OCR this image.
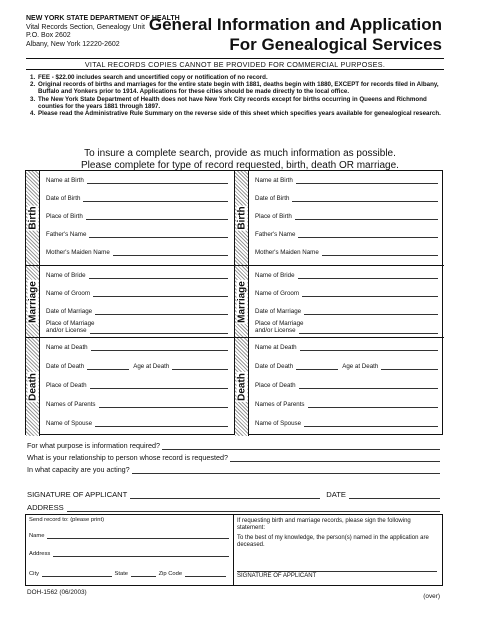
NEW YORK STATE DEPARTMENT OF HEALTH
Vital Records Section, Genealogy Unit
P.O. Box 2602
Albany, New York 12220-2602
General Information and Application
For Genealogical Services
VITAL RECORDS COPIES CANNOT BE PROVIDED FOR COMMERCIAL PURPOSES.
1. FEE - $22.00 includes search and uncertified copy or notification of no record.
2. Original records of births and marriages for the entire state begin with 1881, deaths begin with 1880, EXCEPT for records filed in Albany, Buffalo and Yonkers prior to 1914. Applications for these cities should be made directly to the local office.
3. The New York State Department of Health does not have New York City records except for births occurring in Queens and Richmond counties for the years 1881 through 1897.
4. Please read the Administrative Rule Summary on the reverse side of this sheet which specifies years available for genealogical research.
To insure a complete search, provide as much information as possible.
Please complete for type of record requested, birth, death OR marriage.
Birth
Name at Birth
Date of Birth
Place of Birth
Father's Name
Mother's Maiden Name
Marriage
Name of Bride
Name of Groom
Date of Marriage
Place of Marriage
and/or License
Death
Name at Death
Date of Death	Age at Death
Place of Death
Names of Parents
Name of Spouse
Birth
Name at Birth
Date of Birth
Place of Birth
Father's Name
Mother's Maiden Name
Marriage
Name of Bride
Name of Groom
Date of Marriage
Place of Marriage
and/or License
Death
Name at Death
Date of Death	Age at Death
Place of Death
Names of Parents
Name of Spouse
For what purpose is information required?
What is your relationship to person whose record is requested?
In what capacity are you acting?
SIGNATURE OF APPLICANT	DATE
ADDRESS
Send record to: (please print)
Name
Address
City	State	Zip Code
If requesting birth and marriage records, please sign the following statement:
To the best of my knowledge, the person(s) named in the application are deceased.
SIGNATURE OF APPLICANT
DOH-1562 (06/2003)
(over)
